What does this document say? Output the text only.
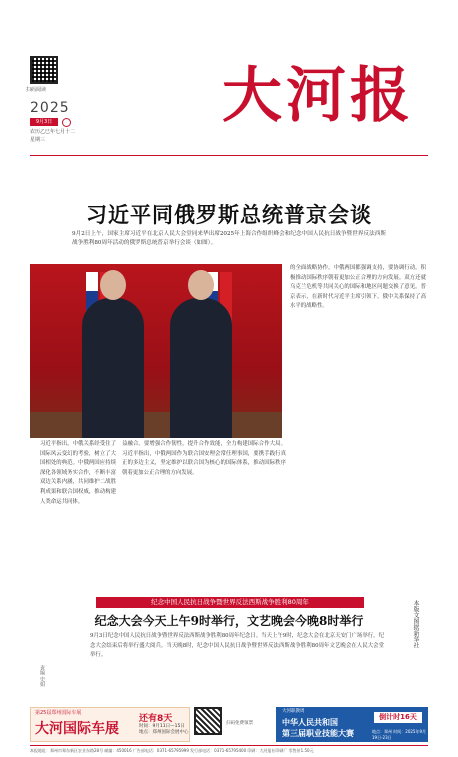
扫码阅读
2025
9月3日
农历乙巳年七月十二
星期三
大河报
习近平同俄罗斯总统普京会谈

9月2日上午，国家主席习近平在北京人民大会堂同来华出席2025年上海合作组织峰会和纪念中国人民抗日战争暨世界反法西斯战争胜利80周年活动的俄罗斯总统普京举行会谈（如图）。

的全面战略协作，中俄两国都强调支持，要协调行动，积极推动国际秩序朝着更加公正合理的方向发展。双方还就乌克兰危机等共同关心的国际和地区问题交换了意见。普京表示，在新时代习近平主席引领下，俄中关系保持了高水平的战略性。
习近平指出，中俄关系经受住了国际风云变幻的考验，树立了大国相处的典范。中俄两国应持续深化各领域务实合作，不断丰富双边关系内涵，共同维护二战胜利成果和联合国权威，推动构建人类命运共同体。
益融合。要增强合作韧性，提升合作效能，全力构建国际合作大局。习近平指出，中俄两国作为联合国安理会常任理事国，要携手践行真正的多边主义，坚定维护以联合国为核心的国际体系，推动国际秩序朝着更加公正合理的方向发展。
纪念中国人民抗日战争暨世界反法西斯战争胜利80周年
纪念大会今天上午9时举行，文艺晚会今晚8时举行

9月3日纪念中国人民抗日战争暨世界反法西斯战争胜利80周年纪念日。当天上午9时，纪念大会在北京天安门广场举行。纪念大会结束后将举行盛大阅兵。当天晚8时，纪念中国人民抗日战争暨世界反法西斯战争胜利80周年文艺晚会在人民大会堂举行。

本版文图据新华社
责编 史娟
第25届郑州国际车展
大河国际车展
还有8天
时间：9月11日—15日 地点：郑州国际会展中心
扫码免费领票
大河职教周
中华人民共和国
第三届职业技能大赛
倒计时16天
地点：郑州 时间：2025年9月19日-23日
本报地址：郑州市郑东新区农业东路28号 邮编：450016 广告部电话：0371-65795999 发行部电话：0371-65795400 印刷：大河报社印刷厂 零售价1.50元
